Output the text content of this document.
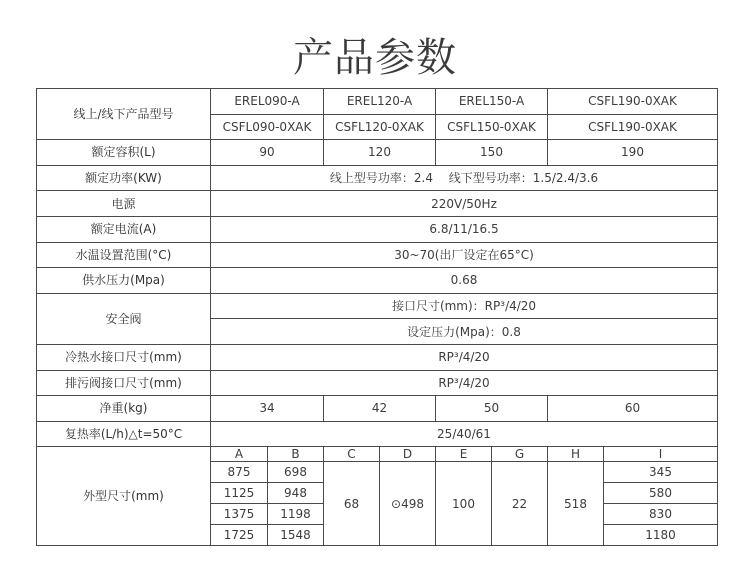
产品参数
线上/线下产品型号	EREL090-A		EREL120-A		EREL150-A		CSFL190-0XAK	
	CSFL090-0XAK		CSFL120-0XAK		CSFL150-0XAK		CSFL190-0XAK	
额定容积(L)	90		120		150		190	
额定功率(KW)	线上型号功率：2.4　 线下型号功率：1.5/2.4/3.6							
电源	220V/50Hz							
额定电流(A)	6.8/11/16.5							
水温设置范围(°C)	30~70(出厂设定在65°C)							
供水压力(Mpa)	0.68							
安全阀	接口尺寸(mm)：RP³/4/20							
	设定压力(Mpa)：0.8							
冷热水接口尺寸(mm)	RP³/4/20							
排污阀接口尺寸(mm)	RP³/4/20							
净重(kg)	34		42		50		60	
复热率(L/h)△t=50°C	25/40/61							
外型尺寸(mm)	A	B	C	D	E	G	H	I
	875	698	68	⊙498	100	22	518	345
	1125	948						580
	1375	1198						830
	1725	1548						1180
